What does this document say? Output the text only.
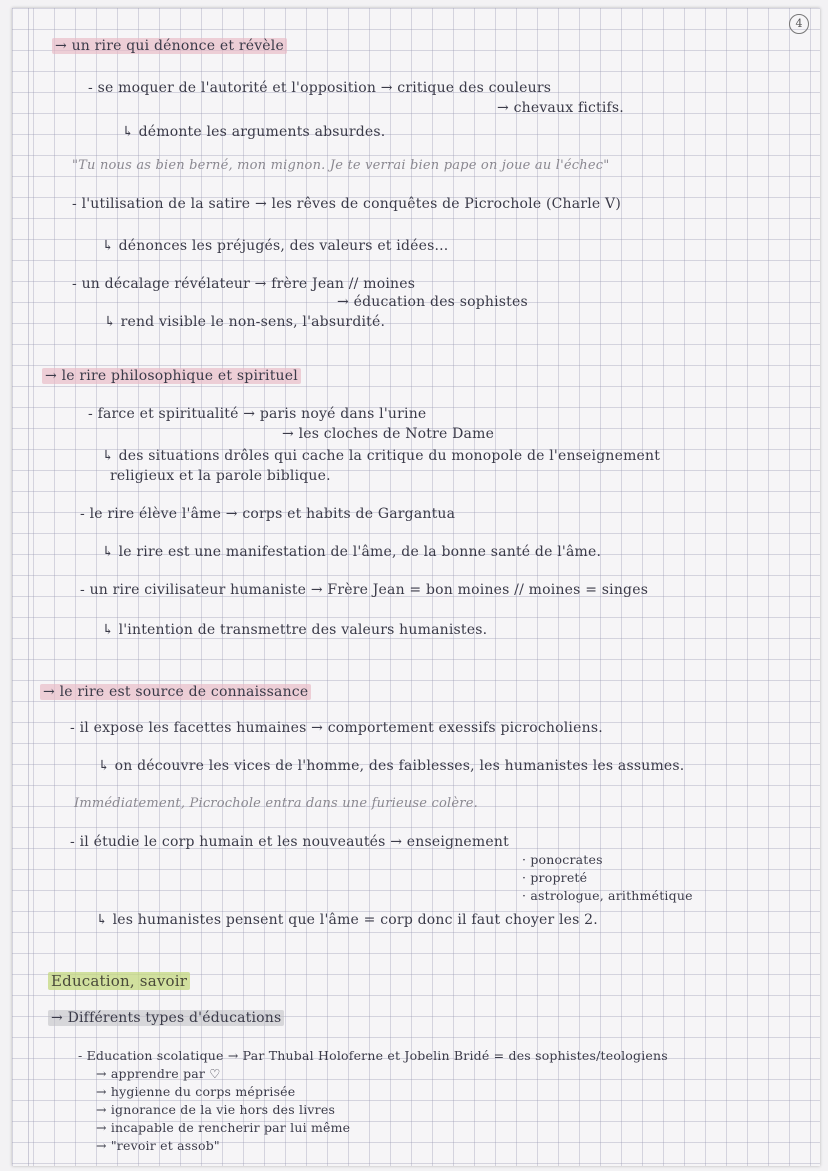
4
→ un rire qui dénonce et révèle
- se moquer de l'autorité et l'opposition → critique des couleurs
→ chevaux fictifs.
↳ démonte les arguments absurdes.
"Tu nous as bien berné, mon mignon. Je te verrai bien pape on joue au l'échec"
- l'utilisation de la satire → les rêves de conquêtes de Picrochole (Charle V)
↳ dénonces les préjugés, des valeurs et idées...
- un décalage révélateur → frère Jean // moines
→ éducation des sophistes
↳ rend visible le non-sens, l'absurdité.
→ le rire philosophique et spirituel
- farce et spiritualité → paris noyé dans l'urine
→ les cloches de Notre Dame
↳ des situations drôles qui cache la critique du monopole de l'enseignement
religieux et la parole biblique.
- le rire élève l'âme → corps et habits de Gargantua
↳ le rire est une manifestation de l'âme, de la bonne santé de l'âme.
- un rire civilisateur humaniste → Frère Jean = bon moines // moines = singes
↳ l'intention de transmettre des valeurs humanistes.
→ le rire est source de connaissance
- il expose les facettes humaines → comportement exessifs picrocholiens.
↳ on découvre les vices de l'homme, des faiblesses, les humanistes les assumes.
Immédiatement, Picrochole entra dans une furieuse colère.
- il étudie le corp humain et les nouveautés → enseignement
· ponocrates
· propreté
· astrologue, arithmétique
↳ les humanistes pensent que l'âme = corp donc il faut choyer les 2.
Education, savoir
→ Différents types d'éducations
- Education scolatique → Par Thubal Holoferne et Jobelin Bridé = des sophistes/teologiens
→ apprendre par ♡
→ hygienne du corps méprisée
→ ignorance de la vie hors des livres
→ incapable de rencherir par lui même
→ "revoir et assob"
